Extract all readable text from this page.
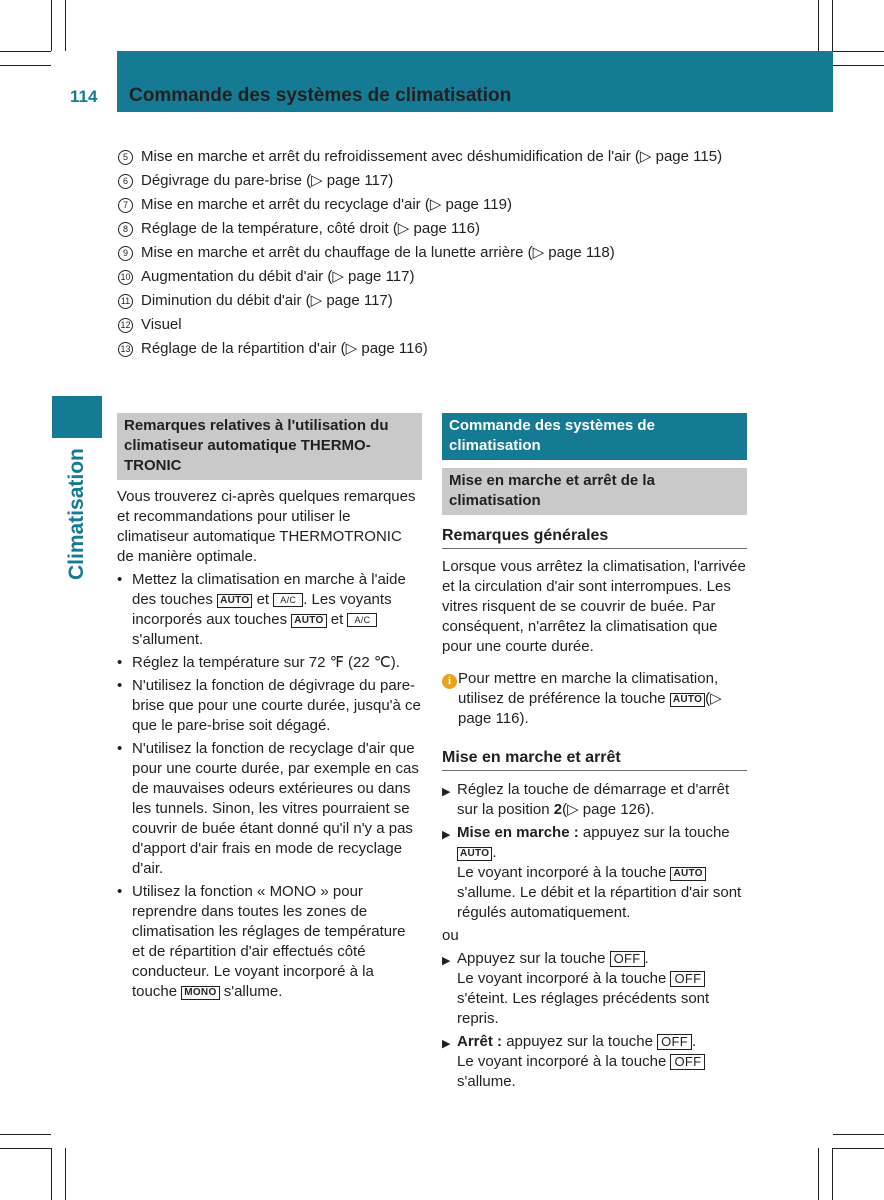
114 Commande des systèmes de climatisation
Climatisation
5 Mise en marche et arrêt du refroidissement avec déshumidification de l'air (▷ page 115)
6 Dégivrage du pare-brise (▷ page 117)
7 Mise en marche et arrêt du recyclage d'air (▷ page 119)
8 Réglage de la température, côté droit (▷ page 116)
9 Mise en marche et arrêt du chauffage de la lunette arrière (▷ page 118)
10 Augmentation du débit d'air (▷ page 117)
11 Diminution du débit d'air (▷ page 117)
12 Visuel
13 Réglage de la répartition d'air (▷ page 116)
Remarques relatives à l'utilisation du climatiseur automatique THERMO-TRONIC

Vous trouverez ci-après quelques remarques et recommandations pour utiliser le climatiseur automatique THERMOTRONIC de manière optimale.

• Mettez la climatisation en marche à l'aide des touches AUTO et A/C . Les voyants incorporés aux touches AUTO et A/C s'allument.
• Réglez la température sur 72 ℉ (22 ℃).
• N'utilisez la fonction de dégivrage du pare-brise que pour une courte durée, jusqu'à ce que le pare-brise soit dégagé.
• N'utilisez la fonction de recyclage d'air que pour une courte durée, par exemple en cas de mauvaises odeurs extérieures ou dans les tunnels. Sinon, les vitres pourraient se couvrir de buée étant donné qu'il n'y a pas d'apport d'air frais en mode de recyclage d'air.
• Utilisez la fonction « MONO » pour reprendre dans toutes les zones de climatisation les réglages de température et de répartition d'air effectués côté conducteur. Le voyant incorporé à la touche MONO s'allume.
Commande des systèmes de climatisation
Mise en marche et arrêt de la climatisation
Remarques générales

Lorsque vous arrêtez la climatisation, l'arrivée et la circulation d'air sont interrompues. Les vitres risquent de se couvrir de buée. Par conséquent, n'arrêtez la climatisation que pour une courte durée.

i Pour mettre en marche la climatisation, utilisez de préférence la touche AUTO (▷ page 116).
Mise en marche et arrêt
▶ Réglez la touche de démarrage et d'arrêt sur la position 2(▷ page 126).
▶ Mise en marche : appuyez sur la touche AUTO .
Le voyant incorporé à la touche AUTO s'allume. Le débit et la répartition d'air sont régulés automatiquement.

ou

▶ Appuyez sur la touche OFF .
Le voyant incorporé à la touche OFF s'éteint. Les réglages précédents sont repris.
▶ Arrêt : appuyez sur la touche OFF .
Le voyant incorporé à la touche OFF s'allume.
